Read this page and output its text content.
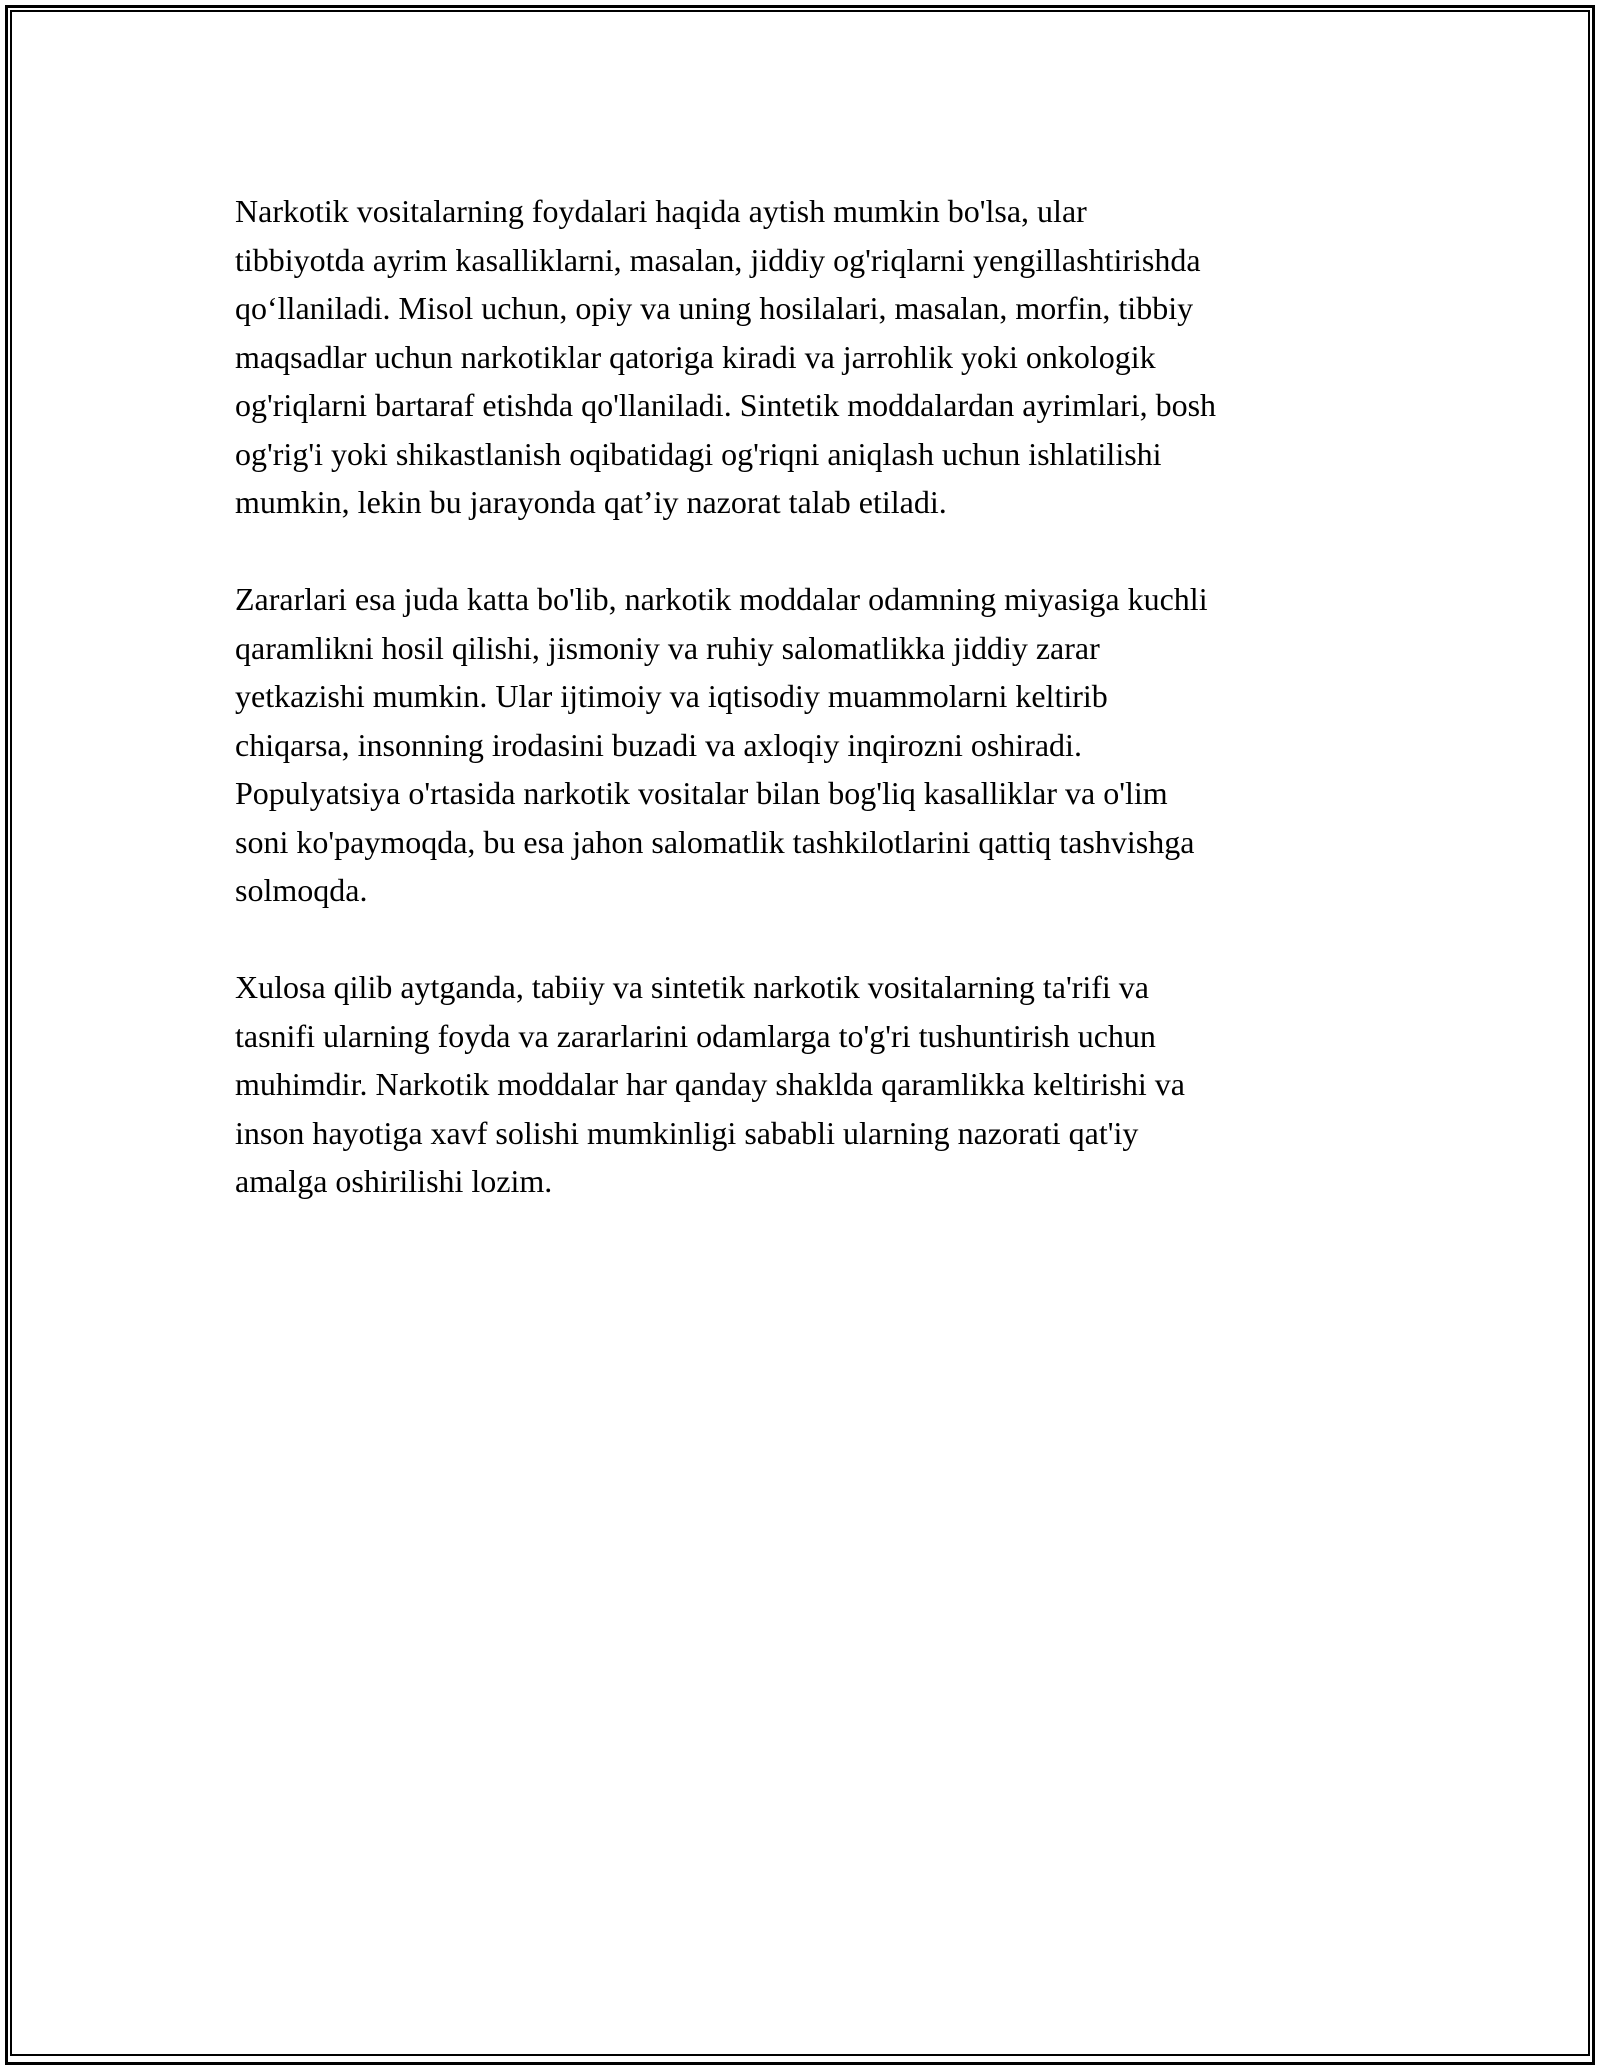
Narkotik vositalarning foydalari haqida aytish mumkin bo'lsa, ular
tibbiyotda ayrim kasalliklarni, masalan, jiddiy og'riqlarni yengillashtirishda
qo‘llaniladi. Misol uchun, opiy va uning hosilalari, masalan, morfin, tibbiy
maqsadlar uchun narkotiklar qatoriga kiradi va jarrohlik yoki onkologik
og'riqlarni bartaraf etishda qo'llaniladi. Sintetik moddalardan ayrimlari, bosh
og'rig'i yoki shikastlanish oqibatidagi og'riqni aniqlash uchun ishlatilishi
mumkin, lekin bu jarayonda qat’iy nazorat talab etiladi.

Zararlari esa juda katta bo'lib, narkotik moddalar odamning miyasiga kuchli
qaramlikni hosil qilishi, jismoniy va ruhiy salomatlikka jiddiy zarar
yetkazishi mumkin. Ular ijtimoiy va iqtisodiy muammolarni keltirib
chiqarsa, insonning irodasini buzadi va axloqiy inqirozni oshiradi.
Populyatsiya o'rtasida narkotik vositalar bilan bog'liq kasalliklar va o'lim
soni ko'paymoqda, bu esa jahon salomatlik tashkilotlarini qattiq tashvishga
solmoqda.

Xulosa qilib aytganda, tabiiy va sintetik narkotik vositalarning ta'rifi va
tasnifi ularning foyda va zararlarini odamlarga to'g'ri tushuntirish uchun
muhimdir. Narkotik moddalar har qanday shaklda qaramlikka keltirishi va
inson hayotiga xavf solishi mumkinligi sababli ularning nazorati qat'iy
amalga oshirilishi lozim.
